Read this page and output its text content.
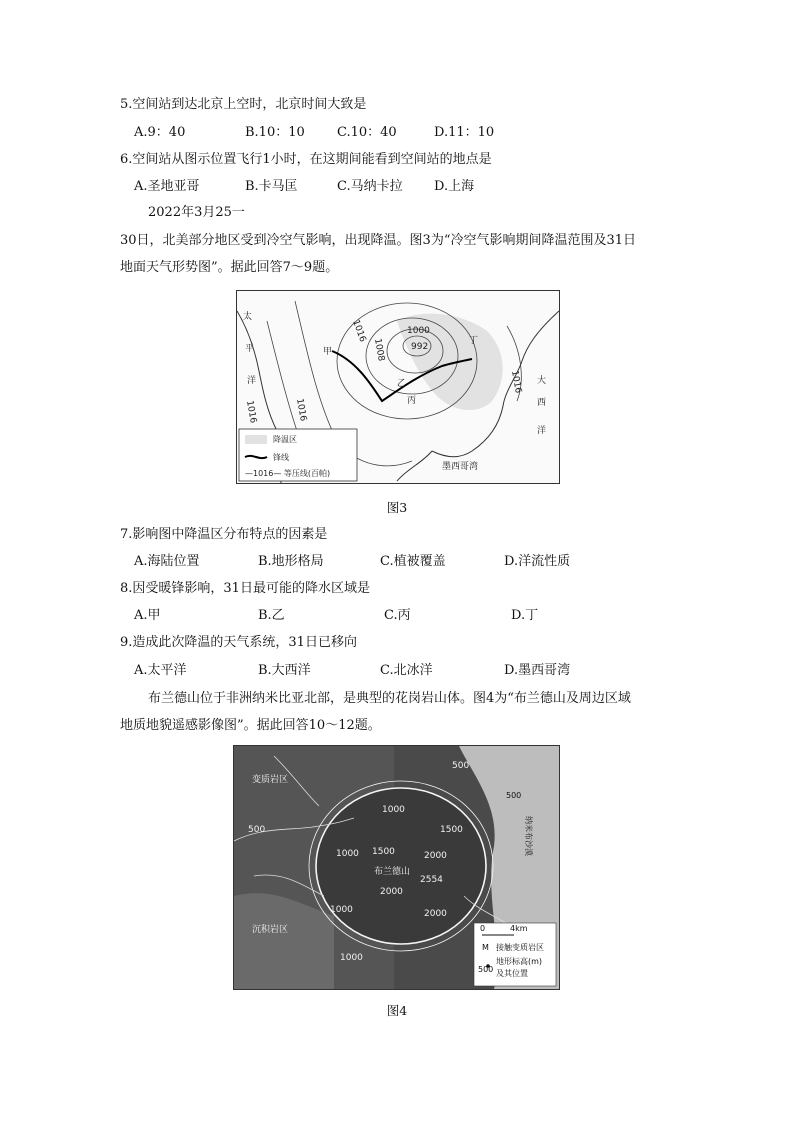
5.空间站到达北京上空时，北京时间大致是
A.9：40	B.10：10 C.10：40	D.11：10
6.空间站从图示位置飞行1小时，在这期间能看到空间站的地点是
A.圣地亚哥	B.卡马匡	C.马纳卡拉 D.上海
2022年3月25一
30日，北美部分地区受到冷空气影响，出现降温。图3为“冷空气影响期间降温范围及31日
地面天气形势图”。据此回答7～9题。
降温区
锋线
—1016— 等压线(百帕)
1016
1008
1000
992
1016
1016
1016
太
平
洋	大
西
洋
墨西哥湾
甲
乙
丙
丁
图3
7.影响图中降温区分布特点的因素是
A.海陆位置	B.地形格局	C.植被覆盖	D.洋流性质
8.因受暖锋影响，31日最可能的降水区域是
A.甲	B.乙	C.丙	D.丁
9.造成此次降温的天气系统，31日已移向
A.太平洋	B.大西洋	C.北冰洋	D.墨西哥湾
布兰德山位于非洲纳米比亚北部，是典型的花岗岩山体。图4为“布兰德山及周边区域
地质地貌遥感影像图”。据此回答10～12题。
0	4km
M 接触变质岩区
500
地形标高(m)
及其位置
变质岩区
沉积岩区
布兰德山
纳米布沙漠
500
500
500
1000
1500
1000 1500	2000
2000
2554
2000
1000
1000
图4
